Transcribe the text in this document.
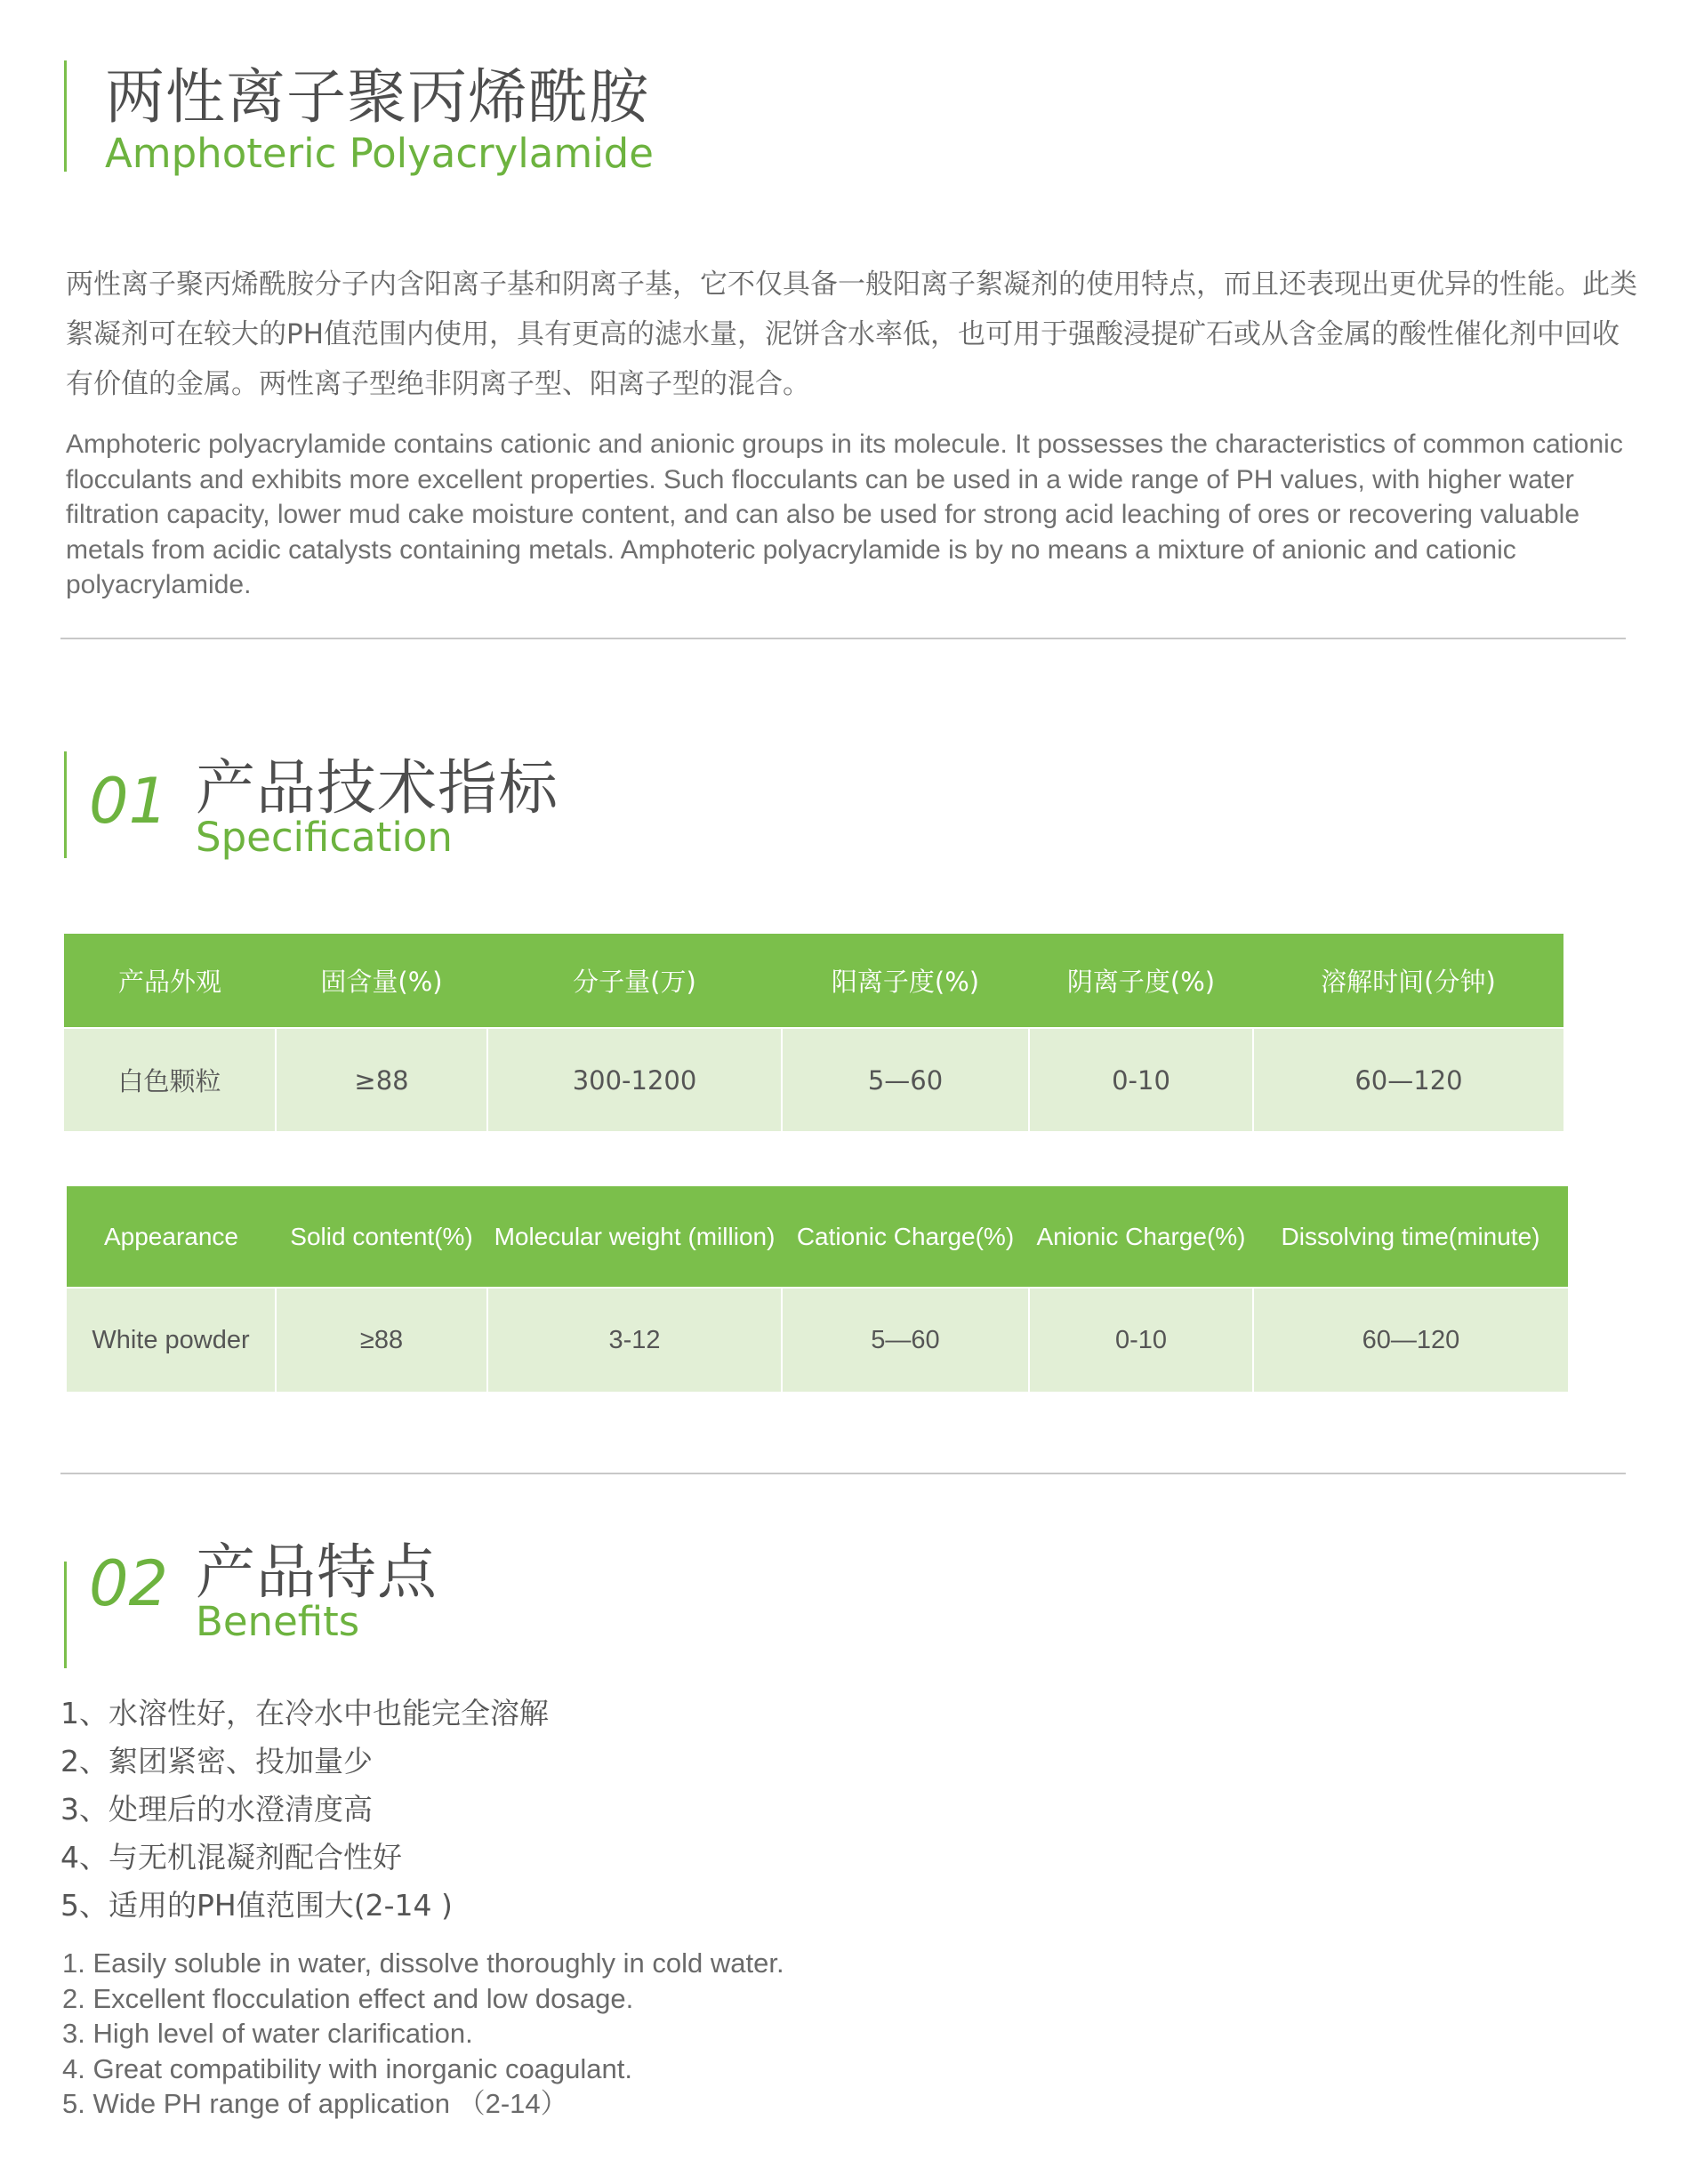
两性离子聚丙烯酰胺
Amphoteric Polyacrylamide
两性离子聚丙烯酰胺分子内含阳离子基和阴离子基，它不仅具备一般阳离子絮凝剂的使用特点，而且还表现出更优异的性能。此类絮凝剂可在较大的PH值范围内使用，具有更高的滤水量，泥饼含水率低，也可用于强酸浸提矿石或从含金属的酸性催化剂中回收有价值的金属。两性离子型绝非阴离子型、阳离子型的混合。
Amphoteric polyacrylamide contains cationic and anionic groups in its molecule. It possesses the characteristics of common cationic flocculants and exhibits more excellent properties. Such flocculants can be used in a wide range of PH values, with higher water filtration capacity, lower mud cake moisture content, and can also be used for strong acid leaching of ores or recovering valuable metals from acidic catalysts containing metals. Amphoteric polyacrylamide is by no means a mixture of anionic and cationic polyacrylamide.
01 产品技术指标
Specification
产品外观	固含量(%)	分子量(万)	阳离子度(%)	阴离子度(%)	溶解时间(分钟)
白色颗粒	≥88	300-1200	5—60	0-10	60—120
Appearance	Solid content(%)	Molecular weight (million)	Cationic Charge(%)	Anionic Charge(%)	Dissolving time(minute)
White powder	≥88	3-12	5—60	0-10	60—120
02 产品特点
Benefits
1、水溶性好，在冷水中也能完全溶解
2、絮团紧密、投加量少
3、处理后的水澄清度高
4、与无机混凝剂配合性好
5、适用的PH值范围大(2-14 )
1. Easily soluble in water, dissolve thoroughly in cold water.
2. Excellent flocculation effect and low dosage.
3. High level of water clarification.
4. Great compatibility with inorganic coagulant.
5. Wide PH range of application （2-14）
